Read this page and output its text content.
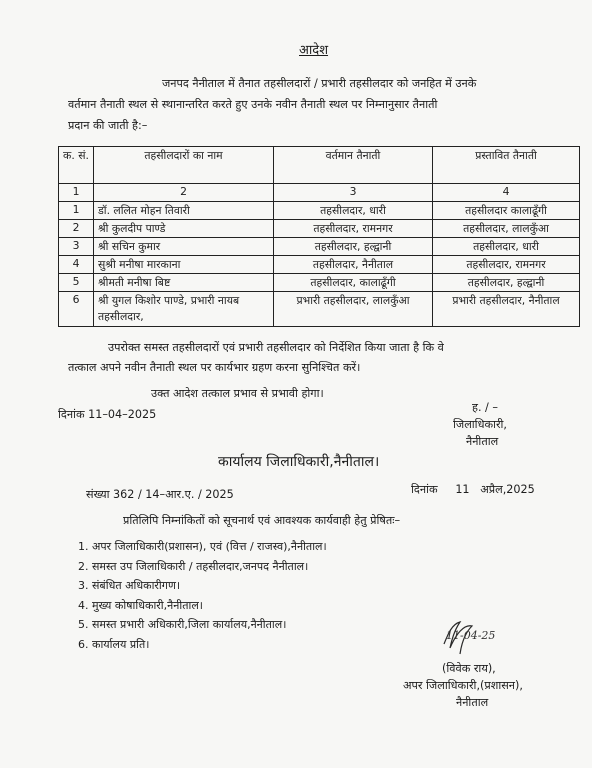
आदेश
जनपद नैनीताल में तैनात तहसीलदारों / प्रभारी तहसीलदार को जनहित में उनके
वर्तमान तैनाती स्थल से स्थानान्तरित करते हुए उनके नवीन तैनाती स्थल पर निम्नानुसार तैनाती
प्रदान की जाती है:–
क. सं.	तहसीलदारों का नाम	वर्तमान तैनाती	प्रस्तावित तैनाती
1	2	3	4
1	डॉ. ललित मोहन तिवारी	तहसीलदार, धारी	तहसीलदार कालाढूँगी
2	श्री कुलदीप पाण्डे	तहसीलदार, रामनगर	तहसीलदार, लालकुँआ
3	श्री सचिन कुमार	तहसीलदार, हल्द्वानी	तहसीलदार, धारी
4	सुश्री मनीषा मारकाना	तहसीलदार, नैनीताल	तहसीलदार, रामनगर
5	श्रीमती मनीषा बिष्ट	तहसीलदार, कालाढूँगी	तहसीलदार, हल्द्वानी
6	श्री युगल किशोर पाण्डे, प्रभारी नायब तहसीलदार,	प्रभारी तहसीलदार, लालकुँआ	प्रभारी तहसीलदार, नैनीताल
उपरोक्त समस्त तहसीलदारों एवं प्रभारी तहसीलदार को निर्देशित किया जाता है कि वे
तत्काल अपने नवीन तैनाती स्थल पर कार्यभार ग्रहण करना सुनिश्चित करें।
उक्त आदेश तत्काल प्रभाव से प्रभावी होगा।
दिनांक 11–04–2025
ह. / –
जिलाधिकारी,
नैनीताल
कार्यालय जिलाधिकारी,नैनीताल।
संख्या 362 / 14–आर.ए. / 2025	दिनांक     11   अप्रैल,2025
प्रतिलिपि निम्नांकितों को सूचनार्थ एवं आवश्यक कार्यवाही हेतु प्रेषितः–
1. अपर जिलाधिकारी(प्रशासन), एवं (वित्त / राजस्व),नैनीताल।
2. समस्त उप जिलाधिकारी / तहसीलदार,जनपद नैनीताल।
3. संबंधित अधिकारीगण।
4. मुख्य कोषाधिकारी,नैनीताल।
5. समस्त प्रभारी अधिकारी,जिला कार्यालय,नैनीताल।
6. कार्यालय प्रति।
11-04-25
(विवेक राय),
अपर जिलाधिकारी,(प्रशासन),
नैनीताल
